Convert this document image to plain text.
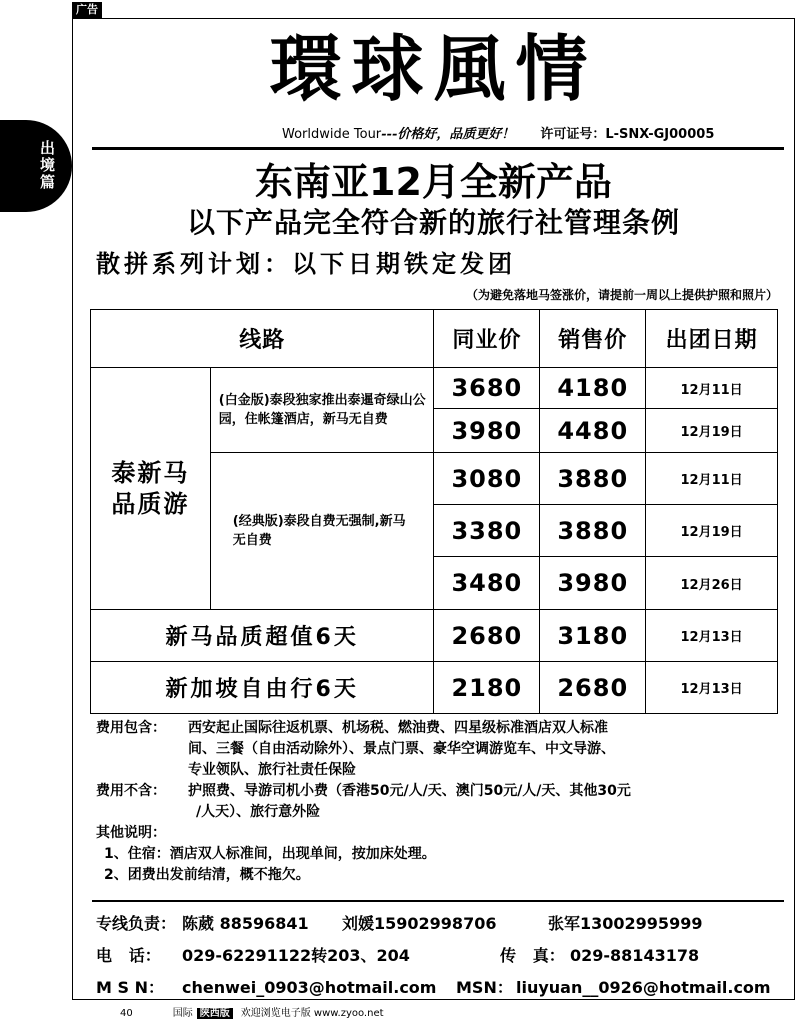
广告
出境篇
環球風情
Worldwide Tour---价格好，品质更好！ 许可证号：L-SNX-GJ00005
东南亚12月全新产品
以下产品完全符合新的旅行社管理条例
散拼系列计划：以下日期铁定发团
（为避免落地马签涨价，请提前一周以上提供护照和照片）
线路		同业价	销售价	出团日期
泰新马
品质游	(白金版)泰段独家推出泰暹奇绿山公园，住帐篷酒店，新马无自费	3680	4180	12月11日
		3980	4480	12月19日
	(经典版)泰段自费无强制,新马无自费	3080	3880	12月11日
		3380	3880	12月19日
		3480	3980	12月26日
新马品质超值6天		2680	3180	12月13日
新加坡自由行6天		2180	2680	12月13日
费用包含：	西安起止国际往返机票、机场税、燃油费、四星级标准酒店双人标准
间、三餐（自由活动除外）、景点门票、豪华空调游览车、中文导游、
专业领队、旅行社责任保险
费用不含：	护照费、导游司机小费（香港50元/人/天、澳门50元/人/天、其他30元
/人天）、旅行意外险
其他说明：
1、住宿：酒店双人标准间，出现单间，按加床处理。
2、团费出发前结清，概不拖欠。
专线负责： 陈葳 88596841 刘媛15902998706	张军13002995999
电   话： 029-62291122转203、204	传   真： 029-88143178
M S N： chenwei_0903@hotmail.com MSN： liuyuan__0926@hotmail.com
40	国际 陕西版 欢迎浏览电子版 www.zyoo.net
